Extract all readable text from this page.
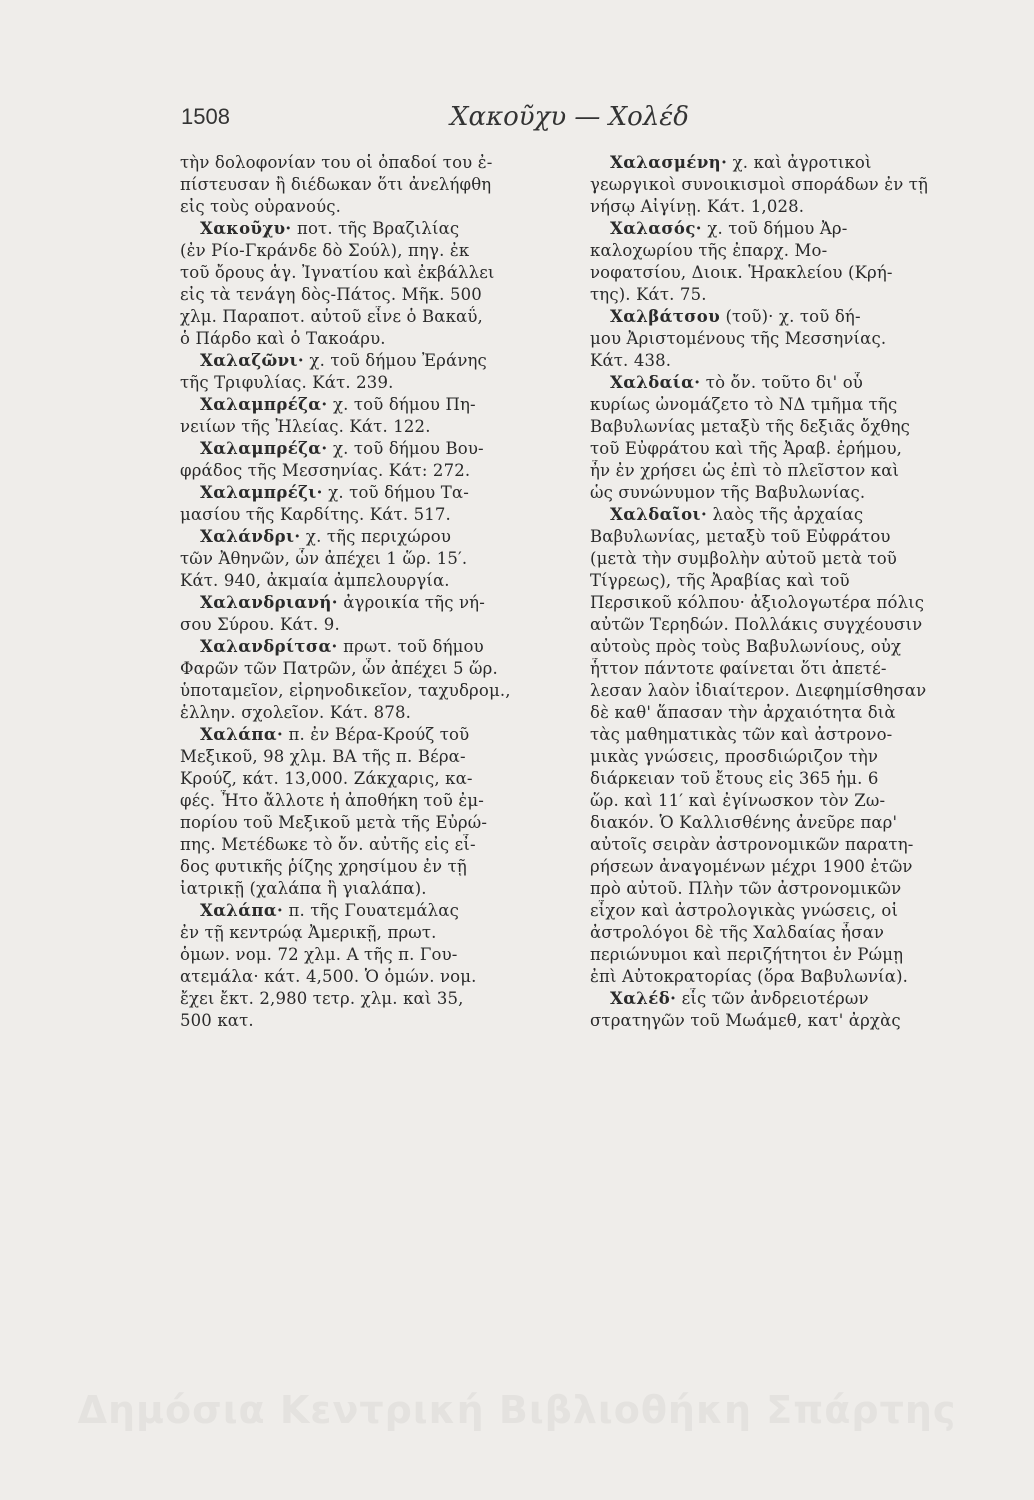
1508	Χακοῦχυ — Χολέδ
τὴν δολοφονίαν του οἱ ὀπαδοί του ἐ-
πίστευσαν ἢ διέδωκαν ὅτι ἀνελήφθη
εἰς τοὺς οὐρανούς.
Χακοῦχυ· ποτ. τῆς Βραζιλίας
(ἐν Ρίο-Γκράνδε δὸ Σούλ), πηγ. ἐκ
τοῦ ὄρους ἁγ. Ἰγνατίου καὶ ἐκβάλλει
εἰς τὰ τενάγη δὸς-Πάτος. Μῆκ. 500
χλμ. Παραποτ. αὐτοῦ εἶνε ὁ Βακαΰ,
ὁ Πάρδο καὶ ὁ Τακοάρυ.
Χαλαζῶνι· χ. τοῦ δήμου Ἐράνης
τῆς Τριφυλίας. Κάτ. 239.
Χαλαμπρέζα· χ. τοῦ δήμου Πη-
νειίων τῆς Ἠλείας. Κάτ. 122.
Χαλαμπρέζα· χ. τοῦ δήμου Βου-
φράδος τῆς Μεσσηνίας. Κάτ: 272.
Χαλαμπρέζι· χ. τοῦ δήμου Τα-
μασίου τῆς Καρδίτης. Κάτ. 517.
Χαλάνδρι· χ. τῆς περιχώρου
τῶν Ἀθηνῶν, ὧν ἀπέχει 1 ὥρ. 15′.
Κάτ. 940, ἀκμαία ἀμπελουργία.
Χαλανδριανή· ἀγροικία τῆς νή-
σου Σύρου. Κάτ. 9.
Χαλανδρίτσα· πρωτ. τοῦ δήμου
Φαρῶν τῶν Πατρῶν, ὧν ἀπέχει 5 ὥρ.
ὑποταμεῖον, εἰρηνοδικεῖον, ταχυδρομ.,
ἑλλην. σχολεῖον. Κάτ. 878.
Χαλάπα· π. ἐν Βέρα-Κρούζ τοῦ
Μεξικοῦ, 98 χλμ. ΒΑ τῆς π. Βέρα-
Κρούζ, κάτ. 13,000. Ζάκχαρις, κα-
φές. Ἦτο ἄλλοτε ἡ ἀποθήκη τοῦ ἐμ-
πορίου τοῦ Μεξικοῦ μετὰ τῆς Εὐρώ-
πης. Μετέδωκε τὸ ὄν. αὐτῆς εἰς εἶ-
δος φυτικῆς ῥίζης χρησίμου ἐν τῇ
ἰατρικῇ (χαλάπα ἢ γιαλάπα).
Χαλάπα· π. τῆς Γουατεμάλας
ἐν τῇ κεντρώᾳ Ἀμερικῇ, πρωτ.
ὁμων. νομ. 72 χλμ. Α τῆς π. Γου-
ατεμάλα· κάτ. 4,500. Ὁ ὁμών. νομ.
ἔχει ἔκτ. 2,980 τετρ. χλμ. καὶ 35,
500 κατ.
Χαλασμένη· χ. καὶ ἀγροτικοὶ
γεωργικοὶ συνοικισμοὶ σποράδων ἐν τῇ
νήσῳ Αἰγίνῃ. Κάτ. 1,028.
Χαλασός· χ. τοῦ δήμου Ἀρ-
καλοχωρίου τῆς ἐπαρχ. Μο-
νοφατσίου, Διοικ. Ἡρακλείου (Κρή-
της). Κάτ. 75.
Χαλβάτσου (τοῦ)· χ. τοῦ δή-
μου Ἀριστομένους τῆς Μεσσηνίας.
Κάτ. 438.
Χαλδαία· τὸ ὄν. τοῦτο δι' οὗ
κυρίως ὠνομάζετο τὸ ΝΔ τμῆμα τῆς
Βαβυλωνίας μεταξὺ τῆς δεξιᾶς ὄχθης
τοῦ Εὐφράτου καὶ τῆς Ἀραβ. ἐρήμου,
ἦν ἐν χρήσει ὡς ἐπὶ τὸ πλεῖστον καὶ
ὡς συνώνυμον τῆς Βαβυλωνίας.
Χαλδαῖοι· λαὸς τῆς ἀρχαίας
Βαβυλωνίας, μεταξὺ τοῦ Εὐφράτου
(μετὰ τὴν συμβολὴν αὐτοῦ μετὰ τοῦ
Τίγρεως), τῆς Ἀραβίας καὶ τοῦ
Περσικοῦ κόλπου· ἀξιολογωτέρα πόλις
αὐτῶν Τερηδών. Πολλάκις συγχέουσιν
αὐτοὺς πρὸς τοὺς Βαβυλωνίους, οὐχ
ἧττον πάντοτε φαίνεται ὅτι ἀπετέ-
λεσαν λαὸν ἰδιαίτερον. Διεφημίσθησαν
δὲ καθ' ἅπασαν τὴν ἀρχαιότητα διὰ
τὰς μαθηματικὰς τῶν καὶ ἀστρονο-
μικὰς γνώσεις, προσδιώριζον τὴν
διάρκειαν τοῦ ἔτους εἰς 365 ἡμ. 6
ὥρ. καὶ 11′ καὶ ἐγίνωσκον τὸν Ζω-
διακόν. Ὁ Καλλισθένης ἀνεῦρε παρ'
αὐτοῖς σειρὰν ἀστρονομικῶν παρατη-
ρήσεων ἀναγομένων μέχρι 1900 ἐτῶν
πρὸ αὐτοῦ. Πλὴν τῶν ἀστρονομικῶν
εἶχον καὶ ἀστρολογικὰς γνώσεις, οἱ
ἀστρολόγοι δὲ τῆς Χαλδαίας ἦσαν
περιώνυμοι καὶ περιζήτητοι ἐν Ρώμῃ
ἐπὶ Αὐτοκρατορίας (ὅρα Βαβυλωνία).
Χαλέδ· εἷς τῶν ἀνδρειοτέρων
στρατηγῶν τοῦ Μωάμεθ, κατ' ἀρχὰς
Δημόσια Κεντρική Βιβλιοθήκη Σπάρτης
